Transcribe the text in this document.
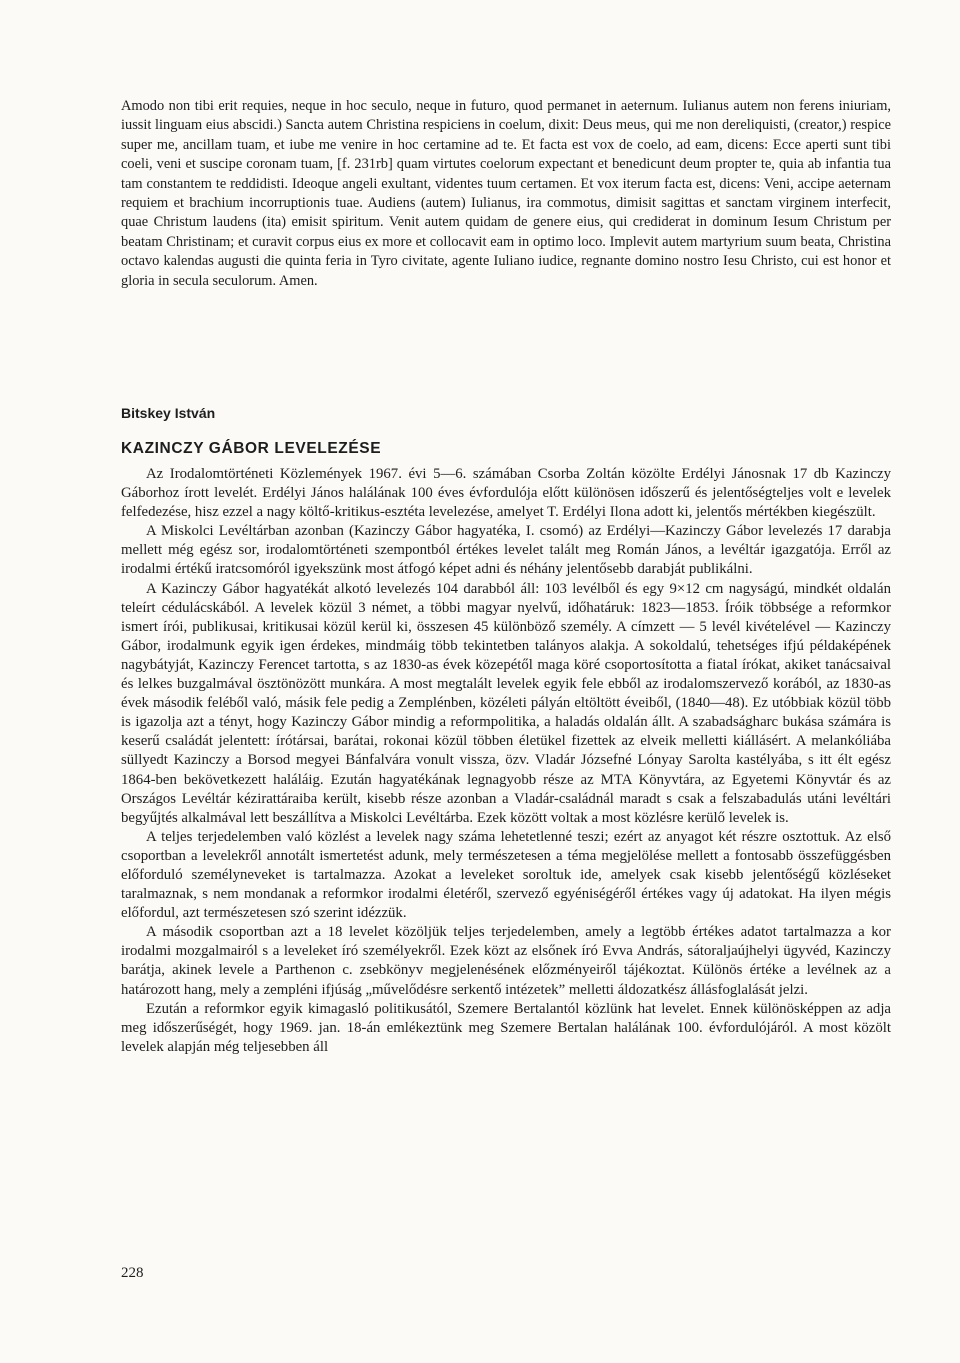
Amodo non tibi erit requies, neque in hoc seculo, neque in futuro, quod permanet in aeternum. Iulianus autem non ferens iniuriam, iussit linguam eius abscidi.) Sancta autem Christina respiciens in coelum, dixit: Deus meus, qui me non dereliquisti, (creator,) respice super me, ancillam tuam, et iube me venire in hoc certamine ad te. Et facta est vox de coelo, ad eam, dicens: Ecce aperti sunt tibi coeli, veni et suscipe coronam tuam, [f. 231rb] quam virtutes coelorum expectant et benedicunt deum propter te, quia ab infantia tua tam constantem te reddidisti. Ideoque angeli exultant, videntes tuum certamen. Et vox iterum facta est, dicens: Veni, accipe aeternam requiem et brachium incorruptionis tuae. Audiens (autem) Iulianus, ira commotus, dimisit sagittas et sanctam virginem interfecit, quae Christum laudens (ita) emisit spiritum. Venit autem quidam de genere eius, qui crediderat in dominum Iesum Christum per beatam Christinam; et curavit corpus eius ex more et collocavit eam in optimo loco. Implevit autem martyrium suum beata, Christina octavo kalendas augusti die quinta feria in Tyro civitate, agente Iuliano iudice, regnante domino nostro Iesu Christo, cui est honor et gloria in secula seculorum. Amen.

Bitskey István
KAZINCZY GÁBOR LEVELEZÉSE

Az Irodalomtörténeti Közlemények 1967. évi 5—6. számában Csorba Zoltán közölte Erdélyi Jánosnak 17 db Kazinczy Gáborhoz írott levelét. Erdélyi János halálának 100 éves évfordulója előtt különösen időszerű és jelentőségteljes volt e levelek felfedezése, hisz ezzel a nagy költő-kritikus-esztéta levelezése, amelyet T. Erdélyi Ilona adott ki, jelentős mértékben kiegészült.

A Miskolci Levéltárban azonban (Kazinczy Gábor hagyatéka, I. csomó) az Erdélyi—Kazinczy Gábor levelezés 17 darabja mellett még egész sor, irodalomtörténeti szempontból értékes levelet talált meg Román János, a levéltár igazgatója. Erről az irodalmi értékű iratcsomóról igyekszünk most átfogó képet adni és néhány jelentősebb darabját publikálni.

A Kazinczy Gábor hagyatékát alkotó levelezés 104 darabból áll: 103 levélből és egy 9×12 cm nagyságú, mindkét oldalán teleírt cédulácskából. A levelek közül 3 német, a többi magyar nyelvű, időhatáruk: 1823—1853. Íróik többsége a reformkor ismert írói, publikusai, kritikusai közül kerül ki, összesen 45 különböző személy. A címzett — 5 levél kivételével — Kazinczy Gábor, irodalmunk egyik igen érdekes, mindmáig több tekintetben talányos alakja. A sokoldalú, tehetséges ifjú példaképének nagybátyját, Kazinczy Ferencet tartotta, s az 1830-as évek közepétől maga köré csoportosította a fiatal írókat, akiket tanácsaival és lelkes buzgalmával ösztönözött munkára. A most megtalált levelek egyik fele ebből az irodalomszervező korából, az 1830-as évek második feléből való, másik fele pedig a Zemplénben, közéleti pályán eltöltött éveiből, (1840—48). Ez utóbbiak közül több is igazolja azt a tényt, hogy Kazinczy Gábor mindig a reformpolitika, a haladás oldalán állt. A szabadságharc bukása számára is keserű családát jelentett: írótársai, barátai, rokonai közül többen életükel fizettek az elveik melletti kiállásért. A melankóliába süllyedt Kazinczy a Borsod megyei Bánfalvára vonult vissza, özv. Vladár Józsefné Lónyay Sarolta kastélyába, s itt élt egész 1864-ben bekövetkezett haláláig. Ezután hagyatékának legnagyobb része az MTA Könyvtára, az Egyetemi Könyvtár és az Országos Levéltár kézirattáraiba került, kisebb része azonban a Vladár-családnál maradt s csak a felszabadulás utáni levéltári begyűjtés alkalmával lett beszállítva a Miskolci Levéltárba. Ezek között voltak a most közlésre kerülő levelek is.

A teljes terjedelemben való közlést a levelek nagy száma lehetetlenné teszi; ezért az anyagot két részre osztottuk. Az első csoportban a levelekről annotált ismertetést adunk, mely természetesen a téma megjelölése mellett a fontosabb összefüggésben előforduló személyneveket is tartalmazza. Azokat a leveleket soroltuk ide, amelyek csak kisebb jelentőségű közléseket taralmaznak, s nem mondanak a reformkor irodalmi életéről, szervező egyéniségéről értékes vagy új adatokat. Ha ilyen mégis előfordul, azt természetesen szó szerint idézzük.

A második csoportban azt a 18 levelet közöljük teljes terjedelemben, amely a legtöbb értékes adatot tartalmazza a kor irodalmi mozgalmairól s a leveleket író személyekről. Ezek közt az elsőnek író Evva András, sátoraljaújhelyi ügyvéd, Kazinczy barátja, akinek levele a Parthenon c. zsebkönyv megjelenésének előzményeiről tájékoztat. Különös értéke a levélnek az a határozott hang, mely a zempléni ifjúság „művelődésre serkentő intézetek” melletti áldozatkész állásfoglalását jelzi.

Ezután a reformkor egyik kimagasló politikusától, Szemere Bertalantól közlünk hat levelet. Ennek különösképpen az adja meg időszerűségét, hogy 1969. jan. 18-án emlékeztünk meg Szemere Bertalan halálának 100. évfordulójáról. A most közölt levelek alapján még teljesebben áll

228
